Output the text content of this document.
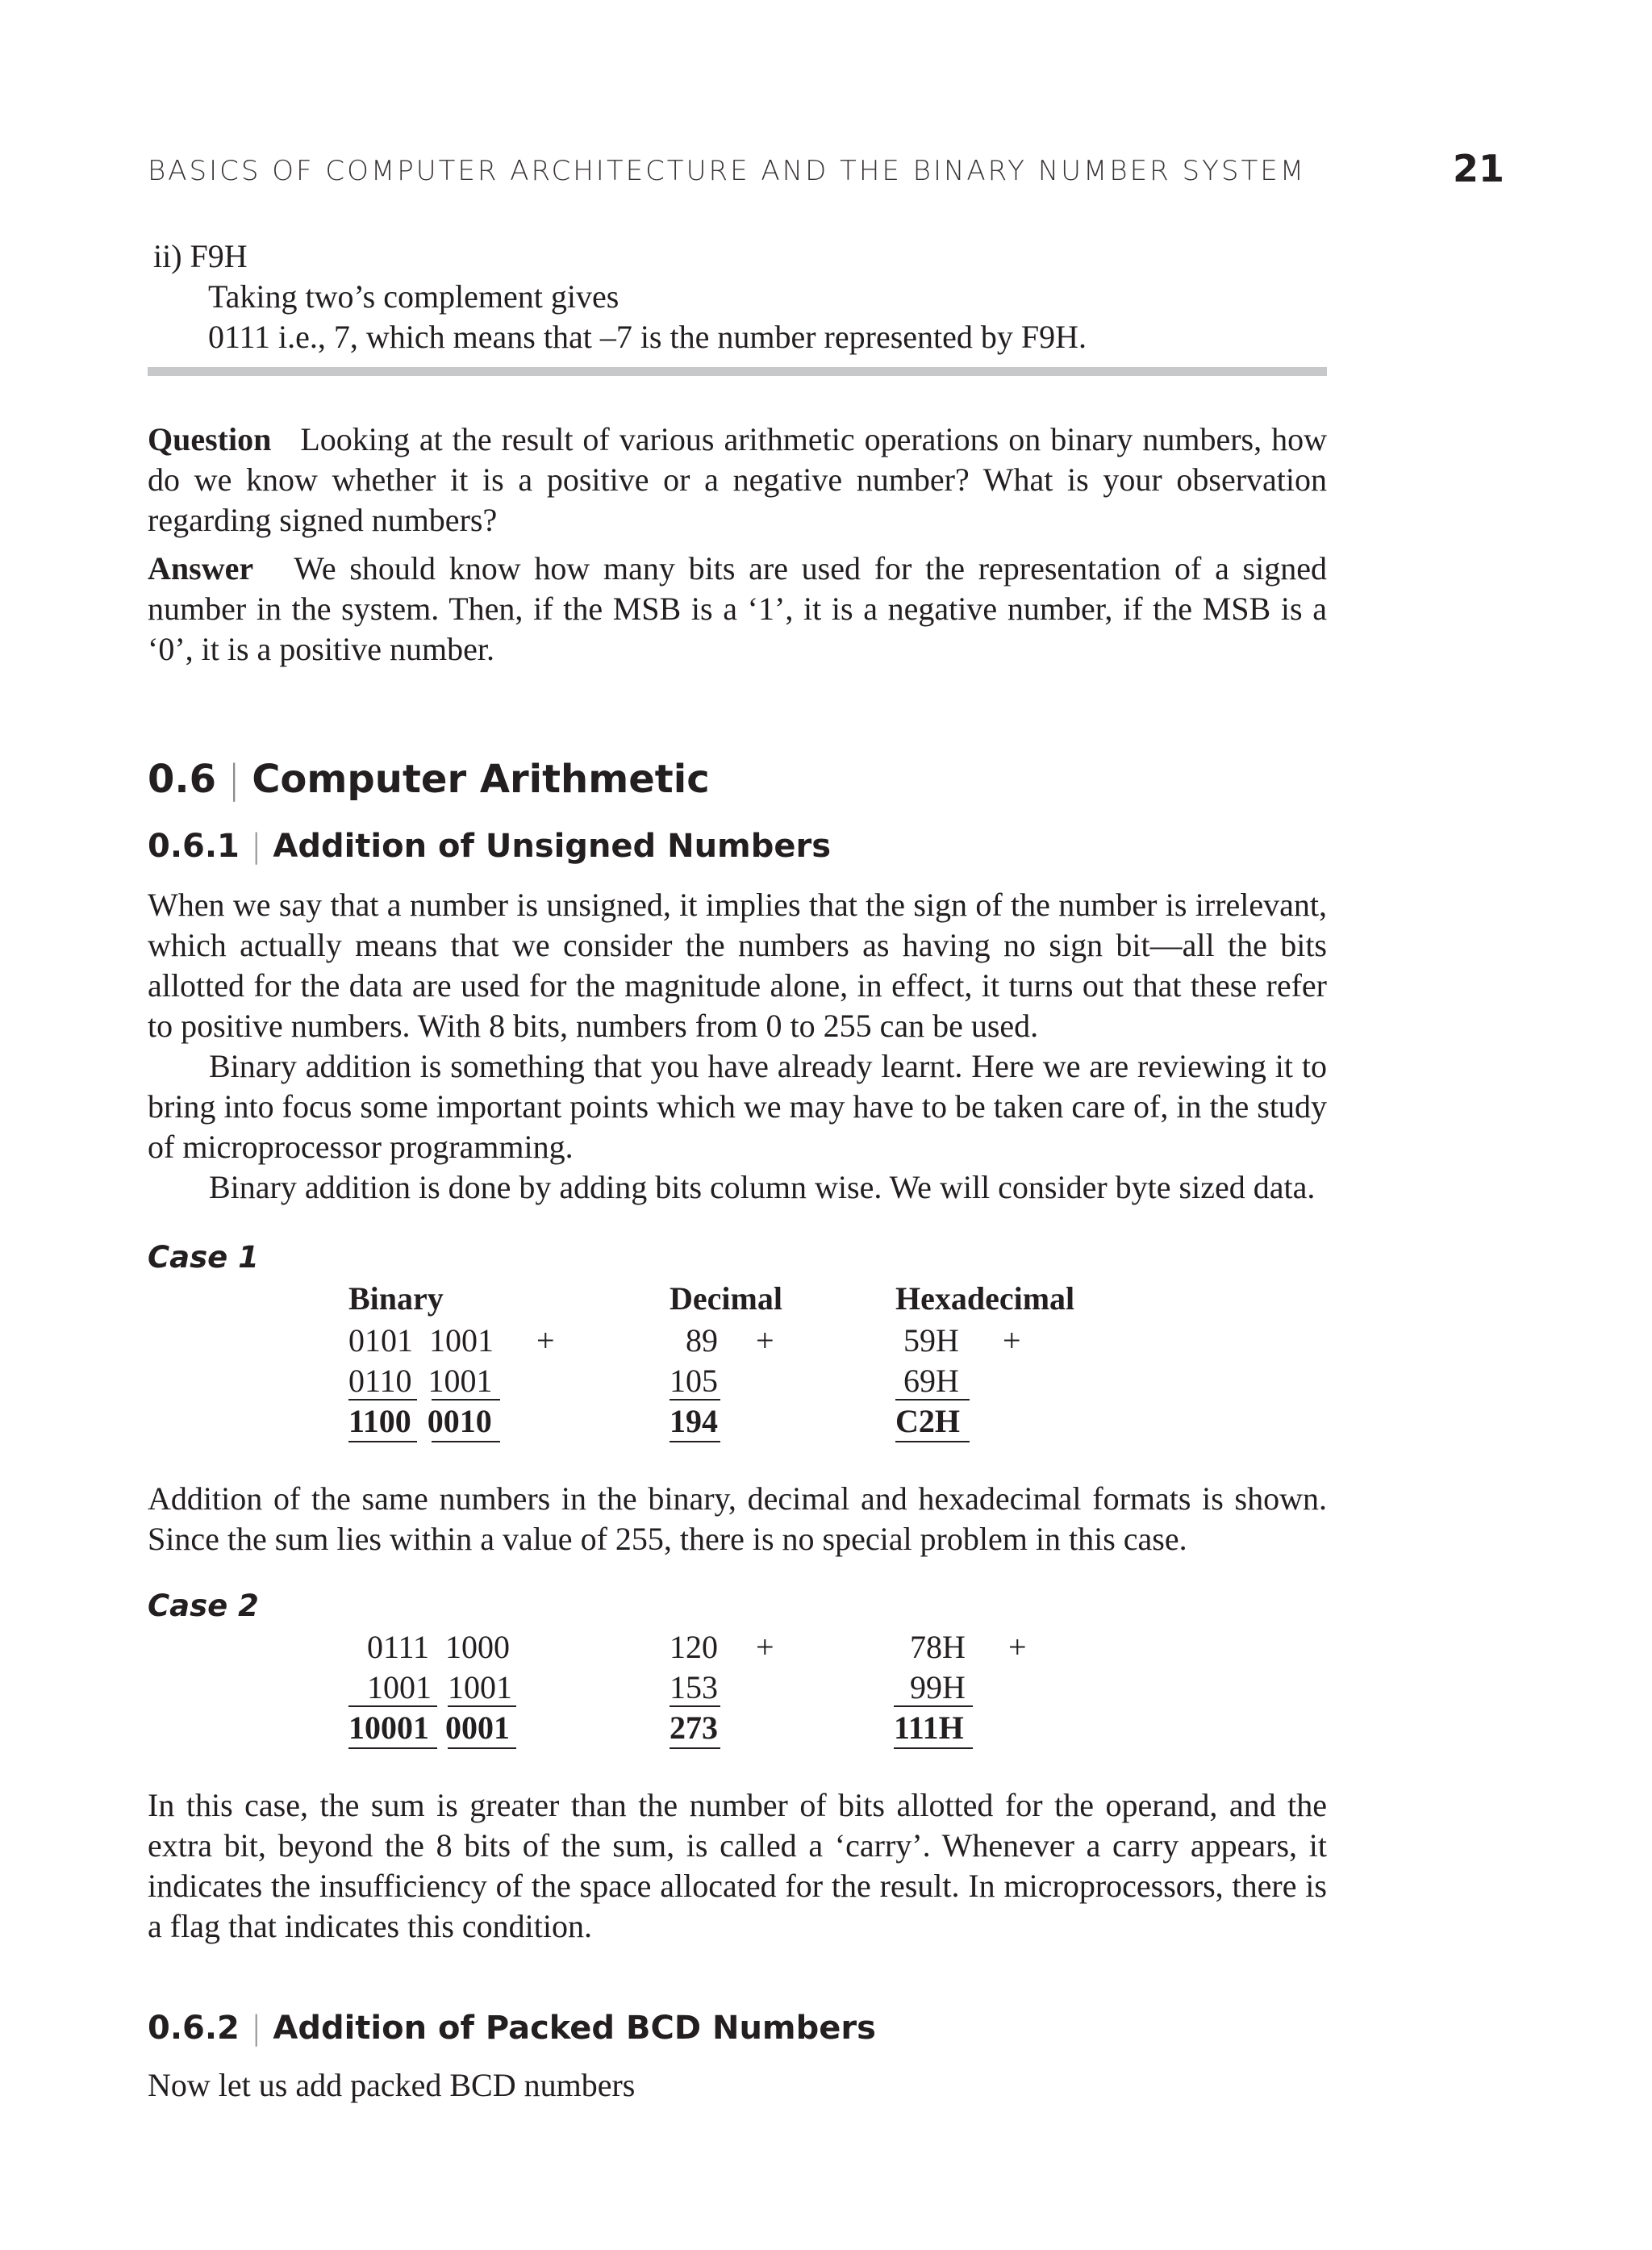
BASICS OF COMPUTER ARCHITECTURE AND THE BINARY NUMBER SYSTEM	21
ii) F9H
Taking two’s complement gives
0111 i.e., 7, which means that –7 is the number represented by F9H.
Question Looking at the result of various arithmetic operations on binary numbers, how do we know whether it is a positive or a negative number? What is your observation regarding signed numbers?
Answer We should know how many bits are used for the representation of a signed number in the system. Then, if the MSB is a ‘1’, it is a negative number, if the MSB is a ‘0’, it is a positive number.
0.6 | Computer Arithmetic
0.6.1 | Addition of Unsigned Numbers
When we say that a number is unsigned, it implies that the sign of the number is irrelevant, which actually means that we consider the numbers as having no sign bit—all the bits allotted for the data are used for the magnitude alone, in effect, it turns out that these refer to positive numbers. With 8 bits, numbers from 0 to 255 can be used.
Binary addition is something that you have already learnt. Here we are reviewing it to bring into focus some important points which we may have to be taken care of, in the study of microprocessor programming.
Binary addition is done by adding bits column wise. We will consider byte sized data.
Case 1
Binary	Decimal	Hexadecimal
0101  1001 +	89 +	59H +
0110  1001	105	69H
1100  0010	194	C2H
Addition of the same numbers in the binary, decimal and hexadecimal formats is shown. Since the sum lies within a value of 255, there is no special problem in this case.
Case 2
0111  1000	120 +	78H +
1001  1001	153	99H
10001  0001	273	111H
In this case, the sum is greater than the number of bits allotted for the operand, and the extra bit, beyond the 8 bits of the sum, is called a ‘carry’. Whenever a carry appears, it indicates the insufficiency of the space allocated for the result. In microprocessors, there is a flag that indicates this condition.
0.6.2 | Addition of Packed BCD Numbers
Now let us add packed BCD numbers
